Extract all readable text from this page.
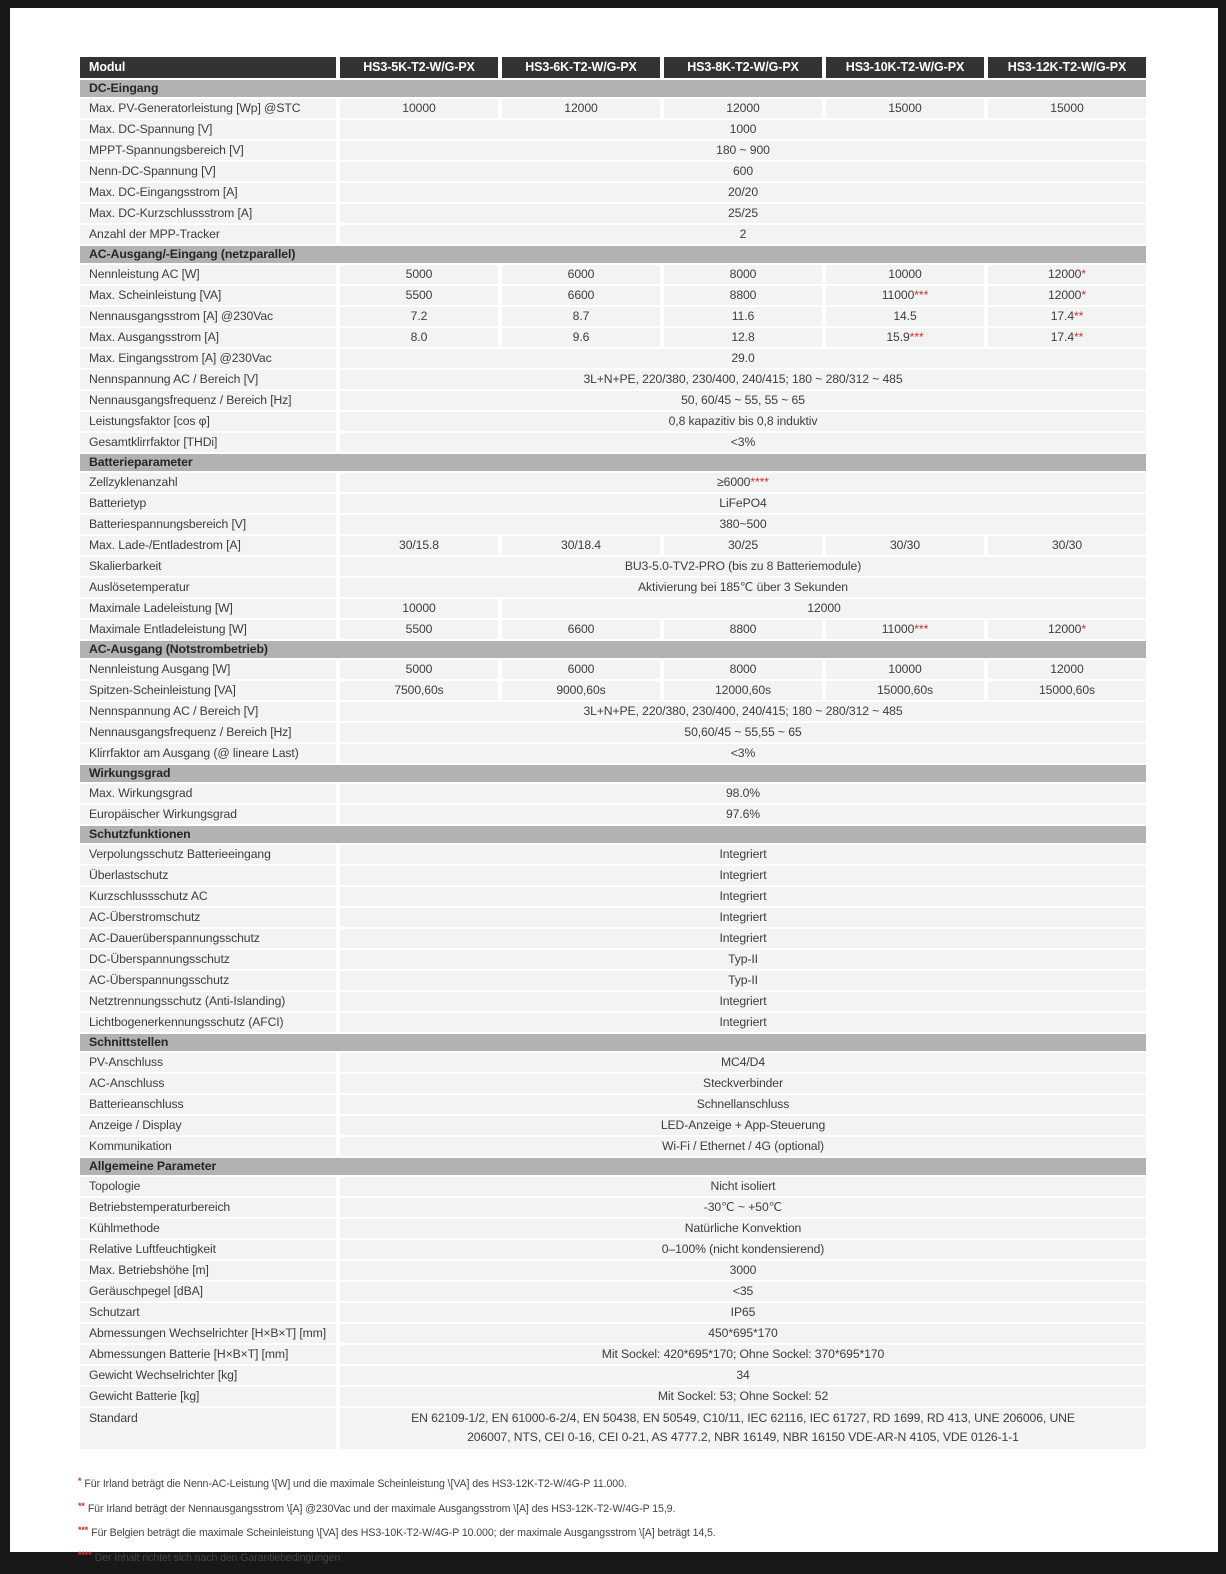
Modul	HS3-5K-T2-W/G-PX	HS3-6K-T2-W/G-PX	HS3-8K-T2-W/G-PX	HS3-10K-T2-W/G-PX	HS3-12K-T2-W/G-PX
DC-Eingang
Max. PV-Generatorleistung [Wp] @STC	10000	12000	12000	15000	15000
Max. DC-Spannung [V]	1000
MPPT-Spannungsbereich [V]	180 ~ 900
Nenn-DC-Spannung [V]	600
Max. DC-Eingangsstrom [A]	20/20
Max. DC-Kurzschlussstrom [A]	25/25
Anzahl der MPP-Tracker	2
AC-Ausgang/-Eingang (netzparallel)
Nennleistung AC [W]	5000	6000	8000	10000	12000*
Max. Scheinleistung [VA]	5500	6600	8800	11000***	12000*
Nennausgangsstrom [A] @230Vac	7.2	8.7	11.6	14.5	17.4**
Max. Ausgangsstrom [A]	8.0	9.6	12.8	15.9***	17.4**
Max. Eingangsstrom [A] @230Vac	29.0
Nennspannung AC / Bereich [V]	3L+N+PE, 220/380, 230/400, 240/415; 180 ~ 280/312 ~ 485
Nennausgangsfrequenz / Bereich [Hz]	50, 60/45 ~ 55, 55 ~ 65
Leistungsfaktor [cos φ]	0,8 kapazitiv bis 0,8 induktiv
Gesamtklirrfaktor [THDi]	<3%
Batterieparameter
Zellzyklenanzahl	≥6000****
Batterietyp	LiFePO4
Batteriespannungsbereich [V]	380~500
Max. Lade-/Entladestrom [A]	30/15.8	30/18.4	30/25	30/30	30/30
Skalierbarkeit	BU3-5.0-TV2-PRO (bis zu 8 Batteriemodule)
Auslösetemperatur	Aktivierung bei 185℃ über 3 Sekunden
Maximale Ladeleistung [W]	10000	12000
Maximale Entladeleistung [W]	5500	6600	8800	11000***	12000*
AC-Ausgang (Notstrombetrieb)
Nennleistung Ausgang [W]	5000	6000	8000	10000	12000
Spitzen-Scheinleistung [VA]	7500,60s	9000,60s	12000,60s	15000,60s	15000,60s
Nennspannung AC / Bereich [V]	3L+N+PE, 220/380, 230/400, 240/415; 180 ~ 280/312 ~ 485
Nennausgangsfrequenz / Bereich [Hz]	50,60/45 ~ 55,55 ~ 65
Klirrfaktor am Ausgang (@ lineare Last)	<3%
Wirkungsgrad
Max. Wirkungsgrad	98.0%
Europäischer Wirkungsgrad	97.6%
Schutzfunktionen
Verpolungsschutz Batterieeingang	Integriert
Überlastschutz	Integriert
Kurzschlussschutz AC	Integriert
AC-Überstromschutz	Integriert
AC-Dauerüberspannungsschutz	Integriert
DC-Überspannungsschutz	Typ-II
AC-Überspannungsschutz	Typ-II
Netztrennungsschutz (Anti-Islanding)	Integriert
Lichtbogenerkennungsschutz (AFCI)	Integriert
Schnittstellen
PV-Anschluss	MC4/D4
AC-Anschluss	Steckverbinder
Batterieanschluss	Schnellanschluss
Anzeige / Display	LED-Anzeige + App-Steuerung
Kommunikation	Wi-Fi / Ethernet / 4G (optional)
Allgemeine Parameter
Topologie	Nicht isoliert
Betriebstemperaturbereich	-30℃ ~ +50℃
Kühlmethode	Natürliche Konvektion
Relative Luftfeuchtigkeit	0–100% (nicht kondensierend)
Max. Betriebshöhe [m]	3000
Geräuschpegel [dBA]	<35
Schutzart	IP65
Abmessungen Wechselrichter [H×B×T] [mm]	450*695*170
Abmessungen Batterie [H×B×T] [mm]	Mit Sockel: 420*695*170; Ohne Sockel: 370*695*170
Gewicht Wechselrichter [kg]	34
Gewicht Batterie [kg]	Mit Sockel: 53; Ohne Sockel: 52
Standard	EN 62109-1/2, EN 61000-6-2/4, EN 50438, EN 50549, C10/11, IEC 62116, IEC 61727, RD 1699, RD 413, UNE 206006, UNE 206007, NTS, CEI 0-16, CEI 0-21, AS 4777.2, NBR 16149, NBR 16150 VDE-AR-N 4105, VDE 0126-1-1
* Für Irland beträgt die Nenn-AC-Leistung \[W] und die maximale Scheinleistung \[VA] des HS3-12K-T2-W/4G-P 11.000.
** Für Irland beträgt der Nennausgangsstrom \[A] @230Vac und der maximale Ausgangsstrom \[A] des HS3-12K-T2-W/4G-P 15,9.
*** Für Belgien beträgt die maximale Scheinleistung \[VA] des HS3-10K-T2-W/4G-P 10.000; der maximale Ausgangsstrom \[A] beträgt 14,5.
**** Der Inhalt richtet sich nach den Garantiebedingungen
